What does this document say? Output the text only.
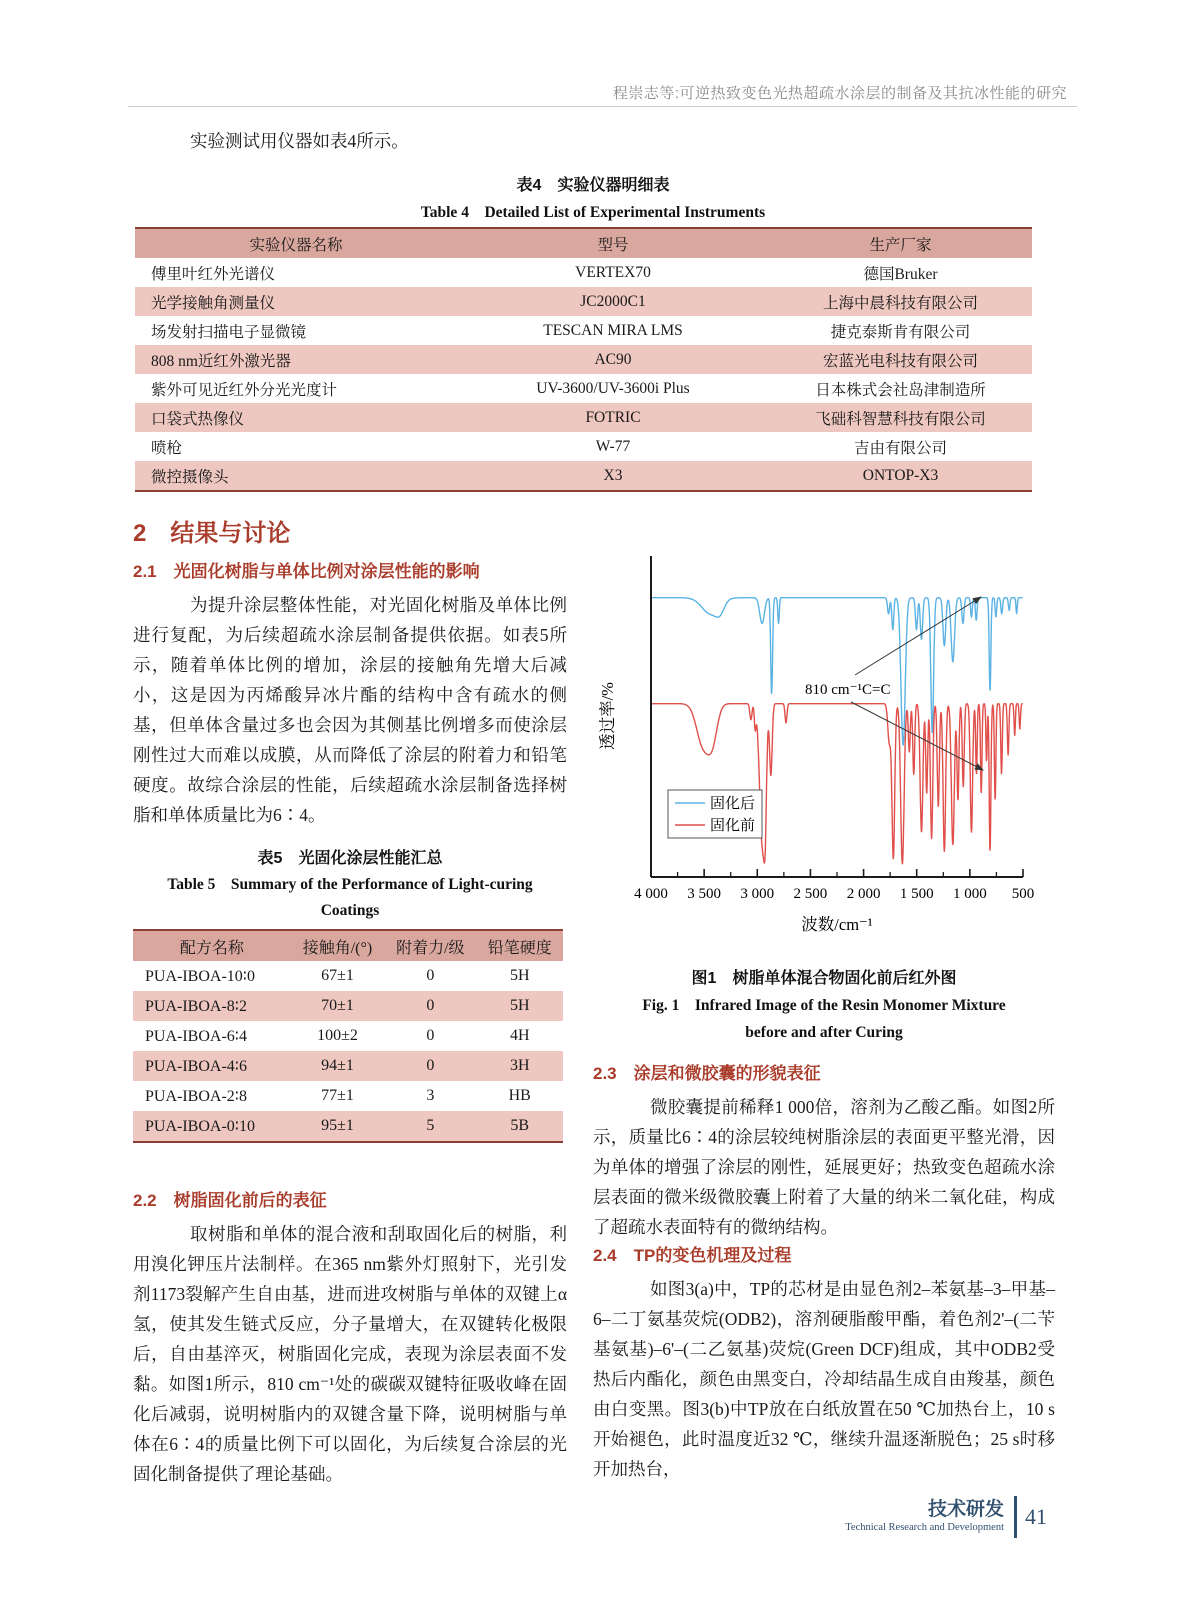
程崇志等:可逆热致变色光热超疏水涂层的制备及其抗冰性能的研究

实验测试用仪器如表4所示。

表4　实验仪器明细表
Table 4　Detailed List of Experimental Instruments
实验仪器名称	型号	生产厂家
傅里叶红外光谱仪	VERTEX70	德国Bruker
光学接触角测量仪	JC2000C1	上海中晨科技有限公司
场发射扫描电子显微镜	TESCAN MIRA LMS	捷克泰斯肯有限公司
808 nm近红外激光器	AC90	宏蓝光电科技有限公司
紫外可见近红外分光光度计	UV-3600/UV-3600i Plus	日本株式会社岛津制造所
口袋式热像仪	FOTRIC	飞础科智慧科技有限公司
喷枪	W-77	吉由有限公司
微控摄像头	X3	ONTOP-X3
2　结果与讨论
2.1　光固化树脂与单体比例对涂层性能的影响

为提升涂层整体性能，对光固化树脂及单体比例进行复配，为后续超疏水涂层制备提供依据。如表5所示，随着单体比例的增加，涂层的接触角先增大后减小，这是因为丙烯酸异冰片酯的结构中含有疏水的侧基，但单体含量过多也会因为其侧基比例增多而使涂层刚性过大而难以成膜，从而降低了涂层的附着力和铅笔硬度。故综合涂层的性能，后续超疏水涂层制备选择树脂和单体质量比为6∶4。

表5　光固化涂层性能汇总
Table 5　Summary of the Performance of Light-curing
Coatings
配方名称	接触角/(°)	附着力/级	铅笔硬度
PUA-IBOA-10∶0	67±1	0	5H
PUA-IBOA-8∶2	70±1	0	5H
PUA-IBOA-6∶4	100±2	0	4H
PUA-IBOA-4∶6	94±1	0	3H
PUA-IBOA-2∶8	77±1	3	HB
PUA-IBOA-0∶10	95±1	5	5B
2.2　树脂固化前后的表征

取树脂和单体的混合液和刮取固化后的树脂，利用溴化钾压片法制样。在365 nm紫外灯照射下，光引发剂1173裂解产生自由基，进而进攻树脂与单体的双键上α氢，使其发生链式反应，分子量增大，在双键转化极限后，自由基淬灭，树脂固化完成，表现为涂层表面不发黏。如图1所示，810 cm⁻¹处的碳碳双键特征吸收峰在固化后减弱，说明树脂内的双键含量下降，说明树脂与单体在6∶4的质量比例下可以固化，为后续复合涂层的光固化制备提供了理论基础。

4 000 3 500 3 000 2 500 2 000 1 500 1 000 500
固化后
固化前
810 cm⁻¹C=C
波数/cm⁻¹
透过率/%
图1　树脂单体混合物固化前后红外图
Fig. 1　Infrared Image of the Resin Monomer Mixture
before and after Curing
2.3　涂层和微胶囊的形貌表征

微胶囊提前稀释1 000倍，溶剂为乙酸乙酯。如图2所示，质量比6∶4的涂层较纯树脂涂层的表面更平整光滑，因为单体的增强了涂层的刚性，延展更好；热致变色超疏水涂层表面的微米级微胶囊上附着了大量的纳米二氧化硅，构成了超疏水表面特有的微纳结构。

2.4　TP的变色机理及过程

如图3(a)中，TP的芯材是由显色剂2–苯氨基–3–甲基–6–二丁氨基荧烷(ODB2)，溶剂硬脂酸甲酯，着色剂2'–(二苄基氨基)–6'–(二乙氨基)荧烷(Green DCF)组成，其中ODB2受热后内酯化，颜色由黑变白，冷却结晶生成自由羧基，颜色由白变黑。图3(b)中TP放在白纸放置在50 ℃加热台上，10 s开始褪色，此时温度近32 ℃，继续升温逐渐脱色；25 s时移开加热台，

技术研发
Technical Research and Development 41
